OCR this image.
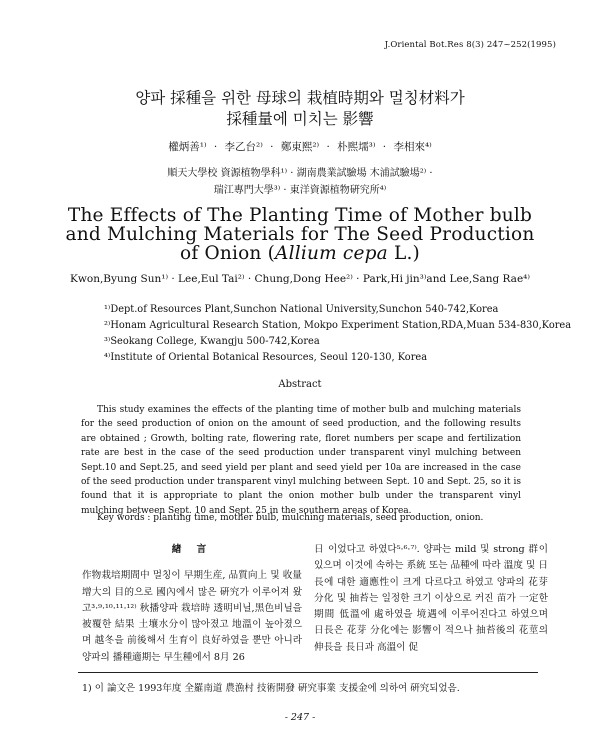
J.Oriental Bot.Res 8(3) 247~252(1995)
양파 採種을 위한 母球의 栽植時期와 멀칭材料가
採種量에 미치는 影響
權炳善¹⁾ · 李乙台²⁾ · 鄭東熙²⁾ · 朴熙壖³⁾ · 李相來⁴⁾
順天大學校 資源植物學科¹⁾ · 湖南農業試驗場 木浦試驗場²⁾ ·
瑞江專門大學³⁾ · 東洋資源植物硏究所⁴⁾
The Effects of The Planting Time of Mother bulb
and Mulching Materials for The Seed Production
of Onion (Allium cepa L.)
Kwon,Byung Sun¹⁾ · Lee,Eul Tai²⁾ · Chung,Dong Hee²⁾ · Park,Hi jin³⁾and Lee,Sang Rae⁴⁾
¹⁾Dept.of Resources Plant,Sunchon National University,Sunchon 540-742,Korea
²⁾Honam Agricultural Research Station, Mokpo Experiment Station,RDA,Muan 534-830,Korea
³⁾Seokang College, Kwangju 500-742,Korea
⁴⁾Institute of Oriental Botanical Resources, Seoul 120-130, Korea
Abstract
This study examines the effects of the planting time of mother bulb and mulching materials for the seed production of onion on the amount of seed production, and the following results are obtained ; Growth, bolting rate, flowering rate, floret numbers per scape and fertilization rate are best in the case of the seed production under transparent vinyl mulching between Sept.10 and Sept.25, and seed yield per plant and seed yield per 10a are increased in the case of the seed production under transparent vinyl mulching between Sept. 10 and Sept. 25, so it is found that it is appropriate to plant the onion mother bulb under the transparent vinyl mulching between Sept. 10 and Sept. 25 in the southern areas of Korea.
Key words : planting time, mother bulb, mulching materials, seed production, onion.
緖 言
作物栽培期間中 멀칭이 早期生産, 品質向上 및 收量增大의 目的으로 國內에서 많은 硏究가 이루어져 왔고³·⁹·¹⁰·¹¹·¹²⁾ 秋播양파 栽培時 透明비닐,黑色비닐을 被覆한 結果 土壤水分이 많아졌고 地溫이 높아졌으며 越冬을 前後해서 生育이 良好하였을 뿐만 아니라 양파의 播種適期는 早生種에서 8月 26
日 이었다고 하였다⁵·⁶·⁷⁾. 양파는 mild 및 strong 群이 있으며 이것에 속하는 系統 또는 品種에 따라 溫度 및 日長에 대한 適應性이 크게 다르다고 하였고 양파의 花芽分化 및 抽苔는 일정한 크기 이상으로 커진 苗가 一定한 期間 低溫에 處하였을 境遇에 이루어진다고 하였으며 日長은 花芽 分化에는 影響이 적으나 抽苔後의 花莖의 伸長을 長日과 高溫이 促
- 247 -
1) 이 論文은 1993年度 全羅南道 農漁村 技術開發 硏究事業 支援金에 의하여 硏究되었음.
